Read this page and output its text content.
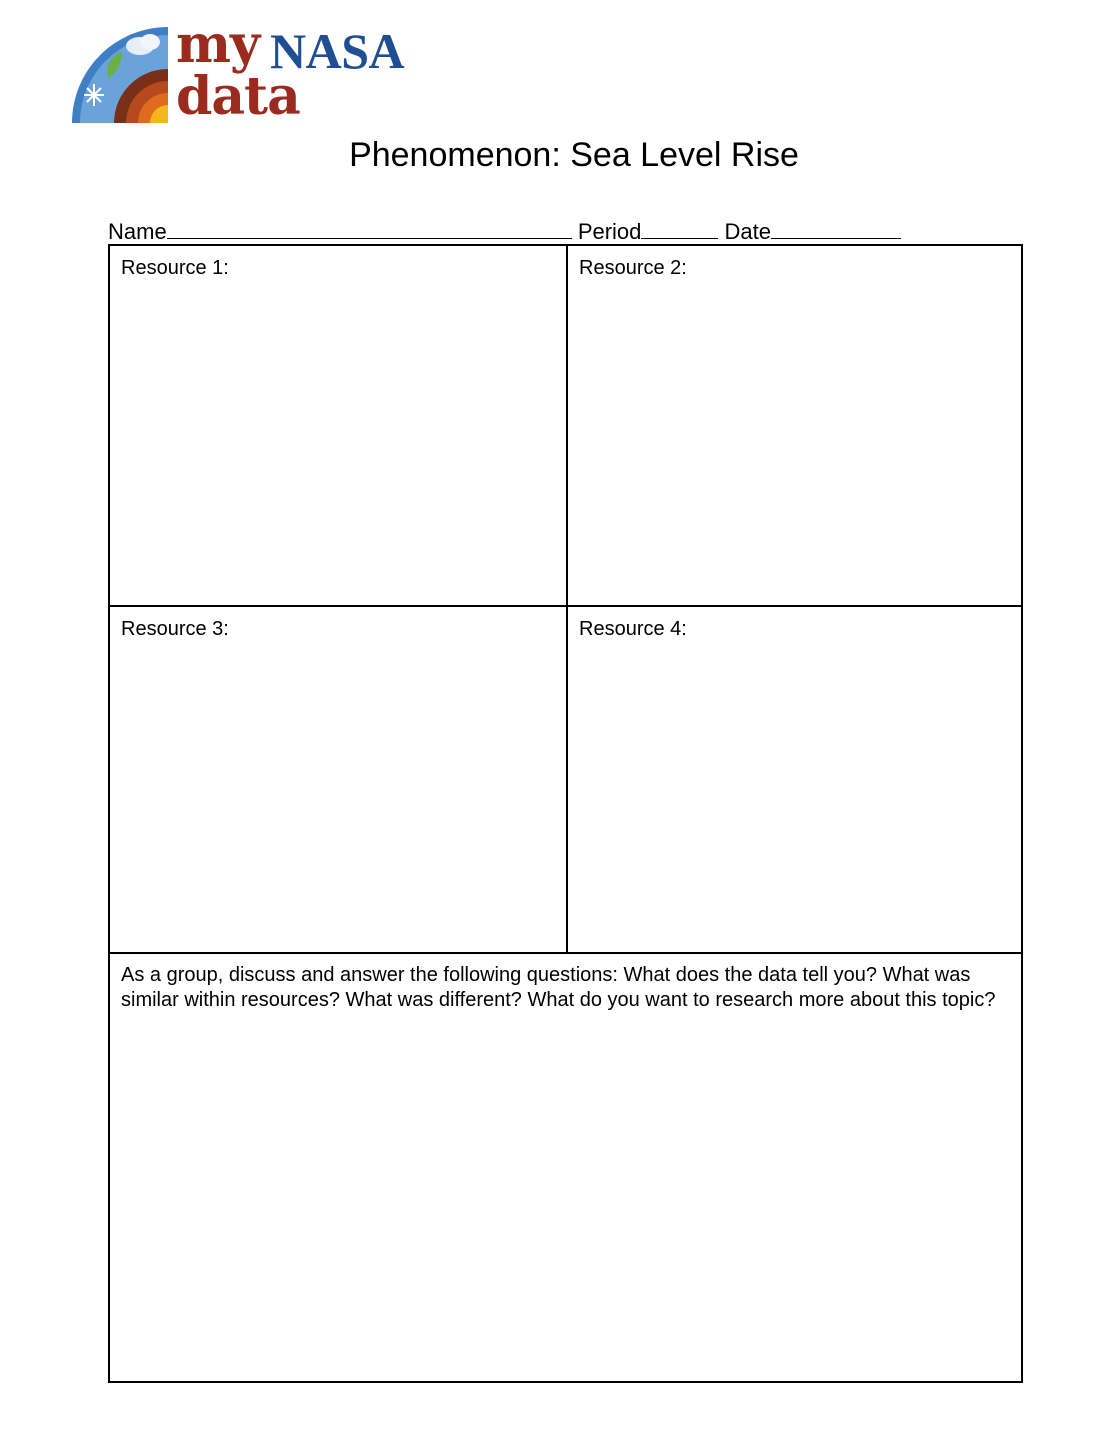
my NASA
data
Phenomenon: Sea Level Rise
Name	Period	Date
Resource 1:	Resource 2:
Resource 3:	Resource 4:
As a group, discuss and answer the following questions: What does the data tell you? What was similar within resources? What was different? What do you want to research more about this topic?
